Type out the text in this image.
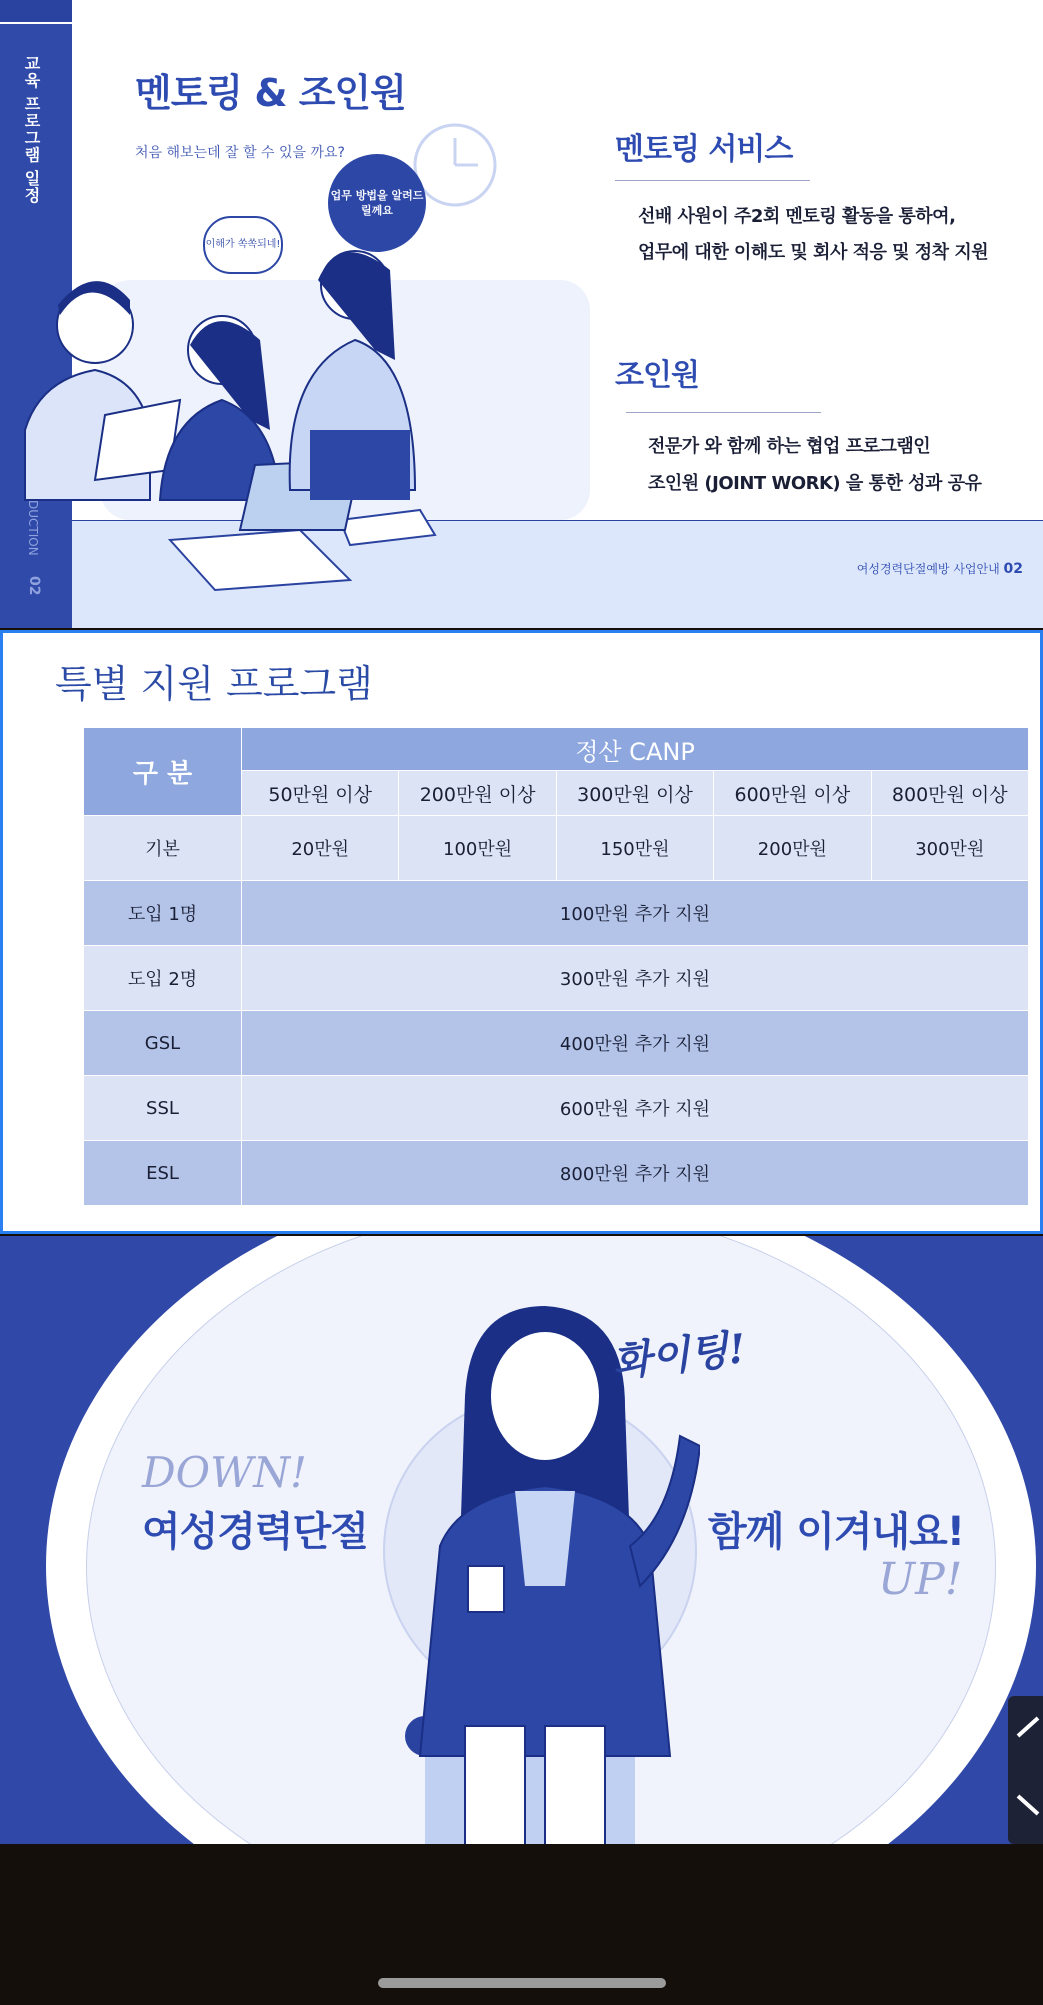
교육 프로그램 일정
DUCTION
02
멘토링 & 조인원
처음 해보는데 잘 할 수 있을 까요?
업무 방법을 알려드릴께요
이해가 쏙쏙되네!
멘토링 서비스
선배 사원이 주2회 멘토링 활동을 통하여,
업무에 대한 이해도 및 회사 적응 및 정착 지원
조인원
전문가 와 함께 하는 협업 프로그램인
조인원 (JOINT WORK) 을 통한 성과 공유
여성경력단절예방 사업안내 02
특별 지원 프로그램
구 분	정산 CANP				
	50만원 이상	200만원 이상	300만원 이상	600만원 이상	800만원 이상
기본	20만원	100만원	150만원	200만원	300만원
도입 1명	100만원 추가 지원				
도입 2명	300만원 추가 지원				
GSL	400만원 추가 지원				
SSL	600만원 추가 지원				
ESL	800만원 추가 지원				
DOWN!
여성경력단절	함께 이겨내요!
UP!
화이팅!
